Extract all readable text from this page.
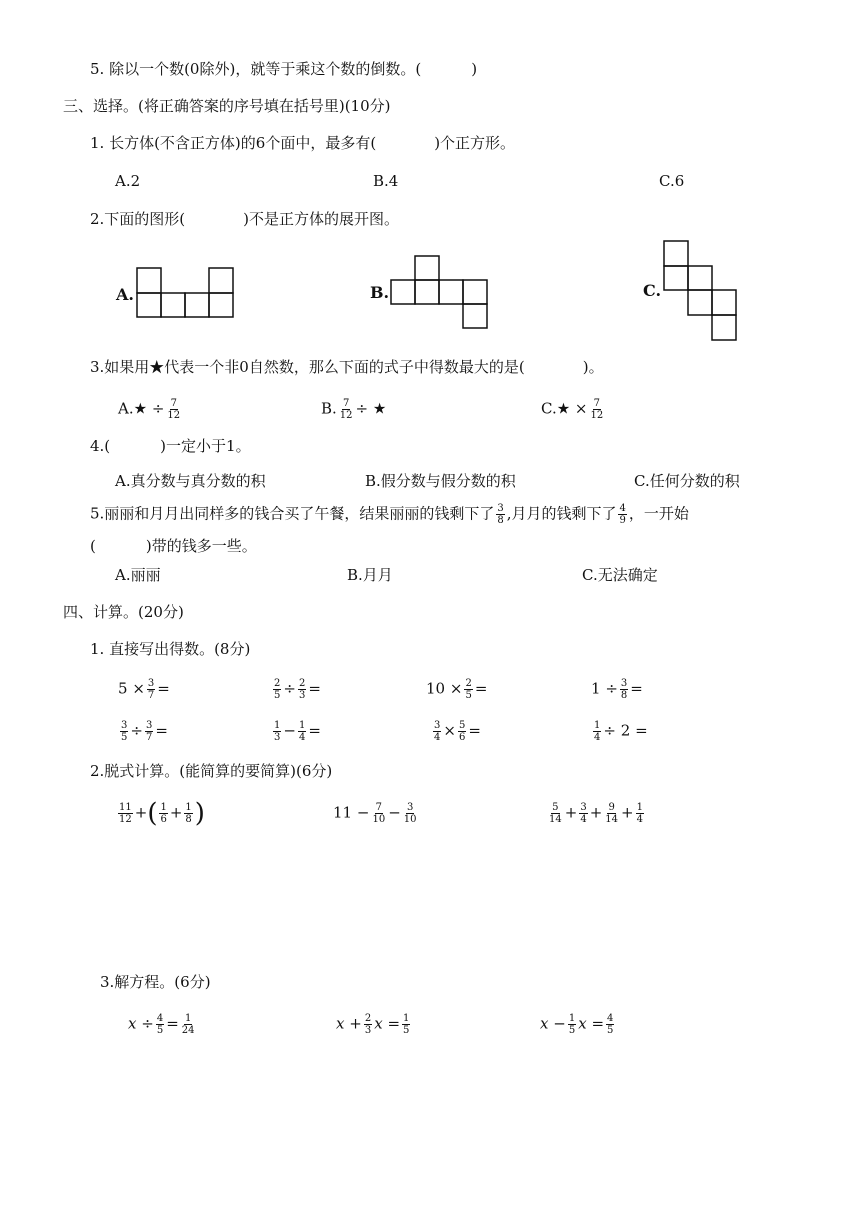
5. 除以一个数(0除外)，就等于乘这个数的倒数。(	)
三、选择。(将正确答案的序号填在括号里)(10分)
1. 长方体(不含正方体)的6个面中，最多有(	)个正方形。
A.2	B.4	C.6
2.下面的图形(	)不是正方体的展开图。
A.	B.	C.
3.如果用★代表一个非0自然数，那么下面的式子中得数最大的是(	)。
A.★ ÷ $\frac{7}{12}$	B. $\frac{7}{12}$ ÷ ★	C.★ × $\frac{7}{12}$
4.(	)一定小于1。
A.真分数与真分数的积	B.假分数与假分数的积	C.任何分数的积
5.丽丽和月月出同样多的钱合买了午餐，结果丽丽的钱剩下了 $\frac{3}{8}$ ,月月的钱剩下了 $\frac{4}{9}$ ，一开始
(	)带的钱多一些。
A.丽丽	B.月月	C.无法确定
四、计算。(20分)
1. 直接写出得数。(8分)
$5 \times \frac{3}{7}$ =	$\frac{2}{5} \div \frac{2}{3}$ =	$10 \times \frac{2}{5}$ =	$1 \div \frac{3}{8}$ =
$\frac{3}{5} \div \frac{3}{7}$ =	$\frac{1}{3} - \frac{1}{4}$ =	$\frac{3}{4} \times \frac{5}{6}$ =	$\frac{1}{4} \div 2$ =
2.脱式计算。(能简算的要简算)(6分)
$\frac{11}{12}$ +( $\frac{1}{6} + \frac{1}{8}$ )	$11 - \frac{7}{10} - \frac{3}{10}$	$\frac{5}{14} + \frac{3}{4} + \frac{9}{14} + \frac{1}{4}$
3.解方程。(6分)
$x \div \frac{4}{5} = \frac{1}{24}$	$x + \frac{2}{3}$ $x = \frac{1}{5}$	$x - \frac{1}{5}$ $x = \frac{4}{5}$
